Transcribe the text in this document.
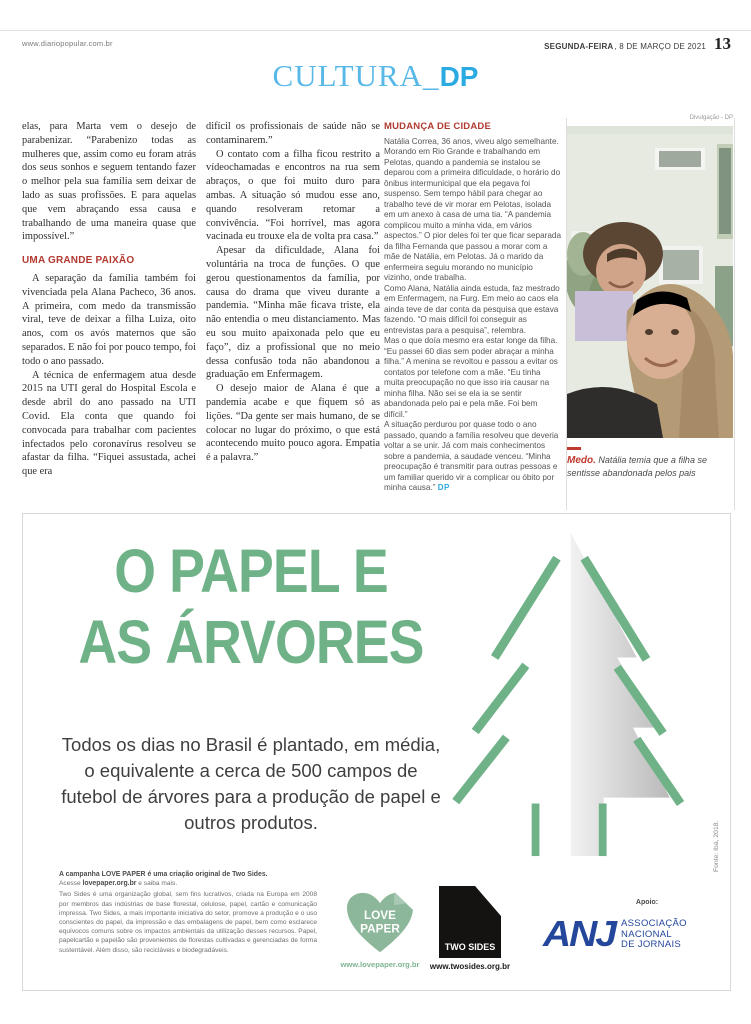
www.diariopopular.com.br	SEGUNDA-FEIRA , 8 DE MARÇO DE 2021 13
CULTURA_DP

elas, para Marta vem o desejo de parabenizar. “Parabenizo todas as mulheres que, assim como eu foram atrás dos seus sonhos e seguem tentando fazer o melhor pela sua família sem deixar de lado as suas profissões. E para aquelas que vem abraçando essa causa e trabalhando de uma maneira quase que impossível.”

UMA GRANDE PAIXÃO

A separação da família também foi vivenciada pela Alana Pacheco, 36 anos. A primeira, com medo da transmissão viral, teve de deixar a filha Luiza, oito anos, com os avós maternos que são separados. E não foi por pouco tempo, foi todo o ano passado.

A técnica de enfermagem atua desde 2015 na UTI geral do Hospital Escola e desde abril do ano passado na UTI Covid. Ela conta que quando foi convocada para trabalhar com pacientes infectados pelo coronavírus resolveu se afastar da filha. “Fiquei assustada, achei que era

difícil os profissionais de saúde não se contaminarem.”

O contato com a filha ficou restrito a vídeochamadas e encontros na rua sem abraços, o que foi muito duro para ambas. A situação só mudou esse ano, quando resolveram retomar a convivência. “Foi horrível, mas agora vacinada eu trouxe ela de volta pra casa.”

Apesar da dificuldade, Alana foi voluntária na troca de funções. O que gerou questionamentos da família, por causa do drama que viveu durante a pandemia. “Minha mãe ficava triste, ela não entendia o meu distanciamento. Mas eu sou muito apaixonada pelo que eu faço”, diz a profissional que no meio dessa confusão toda não abandonou a graduação em Enfermagem.

O desejo maior de Alana é que a pandemia acabe e que fiquem só as lições. “Da gente ser mais humano, de se colocar no lugar do próximo, o que está acontecendo muito pouco agora. Empatia é a palavra.”

MUDANÇA DE CIDADE

Natália Correa, 36 anos, viveu algo semelhante. Morando em Rio Grande e trabalhando em Pelotas, quando a pandemia se instalou se deparou com a primeira dificuldade, o horário do ônibus intermunicipal que ela pegava foi suspenso. Sem tempo hábil para chegar ao trabalho teve de vir morar em Pelotas, isolada em um anexo à casa de uma tia. “A pandemia complicou muito a minha vida, em vários aspectos.” O pior deles foi ter que ficar separada da filha Fernanda que passou a morar com a mãe de Natália, em Pelotas. Já o marido da enfermeira seguiu morando no município vizinho, onde trabalha.

Como Alana, Natália ainda estuda, faz mestrado em Enfermagem, na Furg. Em meio ao caos ela ainda teve de dar conta da pesquisa que estava fazendo. “O mais difícil foi conseguir as entrevistas para a pesquisa”, relembra.

Mas o que doía mesmo era estar longe da filha. “Eu passei 60 dias sem poder abraçar a minha filha.” A menina se revoltou e passou a evitar os contatos por telefone com a mãe. “Eu tinha muita preocupação no que isso iria causar na minha filha. Não sei se ela ia se sentir abandonada pelo pai e pela mãe. Foi bem difícil.”

A situação perdurou por quase todo o ano passado, quando a família resolveu que deveria voltar a se unir. Já com mais conhecimentos sobre a pandemia, a saudade venceu. “Minha preocupação é transmitir para outras pessoas e um familiar querido vir a complicar ou óbito por minha causa.” DP

Divulgação - DP
Medo. Natália temia que a filha se sentisse abandonada pelos pais
O PAPEL E
AS ÁRVORES
Todos os dias no Brasil é plantado, em média, o equivalente a cerca de 500 campos de futebol de árvores para a produção de papel e outros produtos.	Fonte: Ibá, 2018.
A campanha LOVE PAPER é uma criação original de Two Sides.
Acesse lovepaper.org.br e saiba mais.
Two Sides é uma organização global, sem fins lucrativos, criada na Europa em 2008 por membros das indústrias de base florestal, celulose, papel, cartão e comunicação impressa. Two Sides, a mais importante iniciativa do setor, promove a produção e o uso conscientes do papel, da impressão e das embalagens de papel, bem como esclarece equívocos comuns sobre os impactos ambientais da utilização desses recursos. Papel, papelcartão e papelão são provenientes de florestas cultivadas e gerenciadas de forma sustentável. Além disso, são recicláveis e biodegradáveis.
LOVE
PAPER
www.lovepaper.org.br
TWO SIDES
www.twosides.org.br
Apoio:
ANJ ASSOCIAÇÃO
NACIONAL
DE JORNAIS
